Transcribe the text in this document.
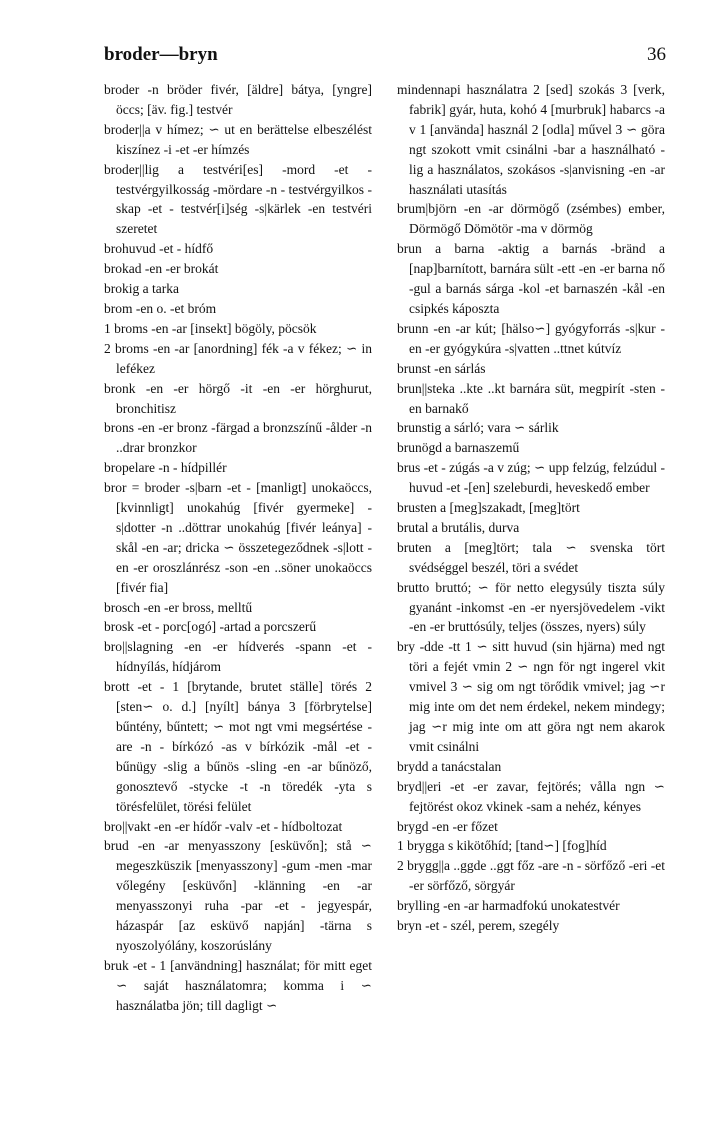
broder—bryn	36

broder -n bröder fivér, [äldre] bátya, [yngre] öccs; [äv. fig.] testvér

broder||a v hímez; ∽ ut en berättelse elbeszélést kiszínez -i -et -er hímzés

broder||lig a testvéri[es] -mord -et - testvérgyilkosság -mördare -n - testvérgyilkos -skap -et - testvér[i]ség -s|kärlek -en testvéri szeretet

brohuvud -et - hídfő

brokad -en -er brokát

brokig a tarka

brom -en o. -et bróm

1 broms -en -ar [insekt] bögöly, pöcsök

2 broms -en -ar [anordning] fék -a v fékez; ∽ in lefékez

bronk -en -er hörgő -it -en -er hörghurut, bronchitisz

brons -en -er bronz -färgad a bronzszínű -ålder -n ..drar bronzkor

bropelare -n - hídpillér

bror = broder -s|barn -et - [manligt] unokaöccs, [kvinnligt] unokahúg [fivér gyermeke] -s|dotter -n ..döttrar unokahúg [fivér leánya] -skål -en -ar; dricka ∽ összetegeződnek -s|lott -en -er oroszlánrész -son -en ..söner unokaöccs [fivér fia]

brosch -en -er bross, melltű

brosk -et - porc[ogó] -artad a porcszerű

bro||slagning -en -er hídverés -spann -et - hídnyílás, hídjárom

brott -et - 1 [brytande, brutet ställe] törés 2 [sten∽ o. d.] [nyílt] bánya 3 [förbrytelse] bűntény, bűntett; ∽ mot ngt vmi megsértése -are -n - bírkózó -as v bírkózik -mål -et - bűnügy -slig a bűnös -sling -en -ar bűnöző, gonosztevő -stycke -t -n töredék -yta s törésfelület, törési felület

bro||vakt -en -er hídőr -valv -et - hídboltozat

brud -en -ar menyasszony [esküvőn]; stå ∽ megeszküszik [menyasszony] -gum -men -mar vőlegény [esküvőn] -klänning -en -ar menyasszonyi ruha -par -et - jegyespár, házaspár [az esküvő napján] -tärna s nyoszolyólány, koszorúslány

bruk -et - 1 [användning] használat; för mitt eget ∽ saját használatomra; komma i ∽ használatba jön; till dagligt ∽

mindennapi használatra 2 [sed] szokás 3 [verk, fabrik] gyár, huta, kohó 4 [murbruk] habarcs -a v 1 [använda] használ 2 [odla] művel 3 ∽ göra ngt szokott vmit csinálni -bar a használható -lig a használatos, szokásos -s|anvisning -en -ar használati utasítás

brum|björn -en -ar dörmögő (zsémbes) ember, Dörmögő Dömötör -ma v dörmög

brun a barna -aktig a barnás -bränd a [nap]barnított, barnára sült -ett -en -er barna nő -gul a barnás sárga -kol -et barnaszén -kål -en csipkés káposzta

brunn -en -ar kút; [hälso∽] gyógyforrás -s|kur -en -er gyógykúra -s|vatten ..ttnet kútvíz

brunst -en sárlás

brun||steka ..kte ..kt barnára süt, megpirít -sten -en barnakő

brunstig a sárló; vara ∽ sárlik

brunögd a barnaszemű

brus -et - zúgás -a v zúg; ∽ upp felzúg, felzúdul -huvud -et -[en] szeleburdi, heveskedő ember

brusten a [meg]szakadt, [meg]tört

brutal a brutális, durva

bruten a [meg]tört; tala ∽ svenska tört svédséggel beszél, töri a svédet

brutto bruttó; ∽ för netto elegysúly tiszta súly gyanánt -inkomst -en -er nyersjövedelem -vikt -en -er bruttósúly, teljes (összes, nyers) súly

bry -dde -tt 1 ∽ sitt huvud (sin hjärna) med ngt töri a fejét vmin 2 ∽ ngn för ngt ingerel vkit vmivel 3 ∽ sig om ngt törődik vmivel; jag ∽r mig inte om det nem érdekel, nekem mindegy; jag ∽r mig inte om att göra ngt nem akarok vmit csinálni

brydd a tanácstalan

bryd||eri -et -er zavar, fejtörés; vålla ngn ∽ fejtörést okoz vkinek -sam a nehéz, kényes

brygd -en -er főzet

1 brygga s kikötőhíd; [tand∽] [fog]híd

2 brygg||a ..ggde ..ggt főz -are -n - sörfőző -eri -et -er sörfőző, sörgyár

brylling -en -ar harmadfokú unokatestvér

bryn -et - szél, perem, szegély
